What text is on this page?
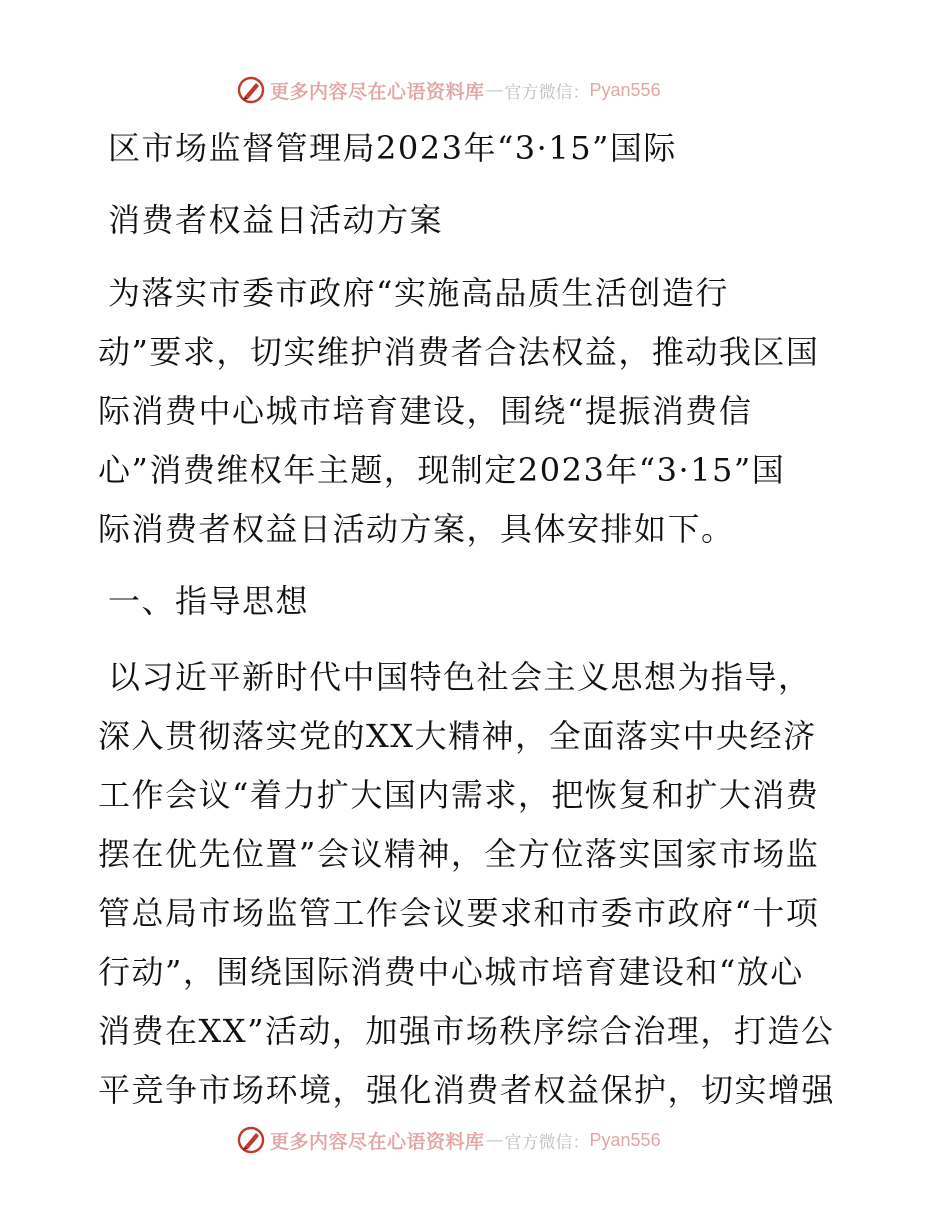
更多内容尽在心语资料库 — 官方微信： Pyan556
区市场监督管理局2023年“3·15”国际
消费者权益日活动方案
为落实市委市政府“实施高品质生活创造行
动”要求，切实维护消费者合法权益，推动我区国
际消费中心城市培育建设，围绕“提振消费信
心”消费维权年主题，现制定2023年“3·15”国
际消费者权益日活动方案，具体安排如下。
一、指导思想
以习近平新时代中国特色社会主义思想为指导，
深入贯彻落实党的XX大精神，全面落实中央经济
工作会议“着力扩大国内需求，把恢复和扩大消费
摆在优先位置”会议精神，全方位落实国家市场监
管总局市场监管工作会议要求和市委市政府“十项
行动”，围绕国际消费中心城市培育建设和“放心
消费在XX”活动，加强市场秩序综合治理，打造公
平竞争市场环境，强化消费者权益保护，切实增强
更多内容尽在心语资料库 — 官方微信： Pyan556
